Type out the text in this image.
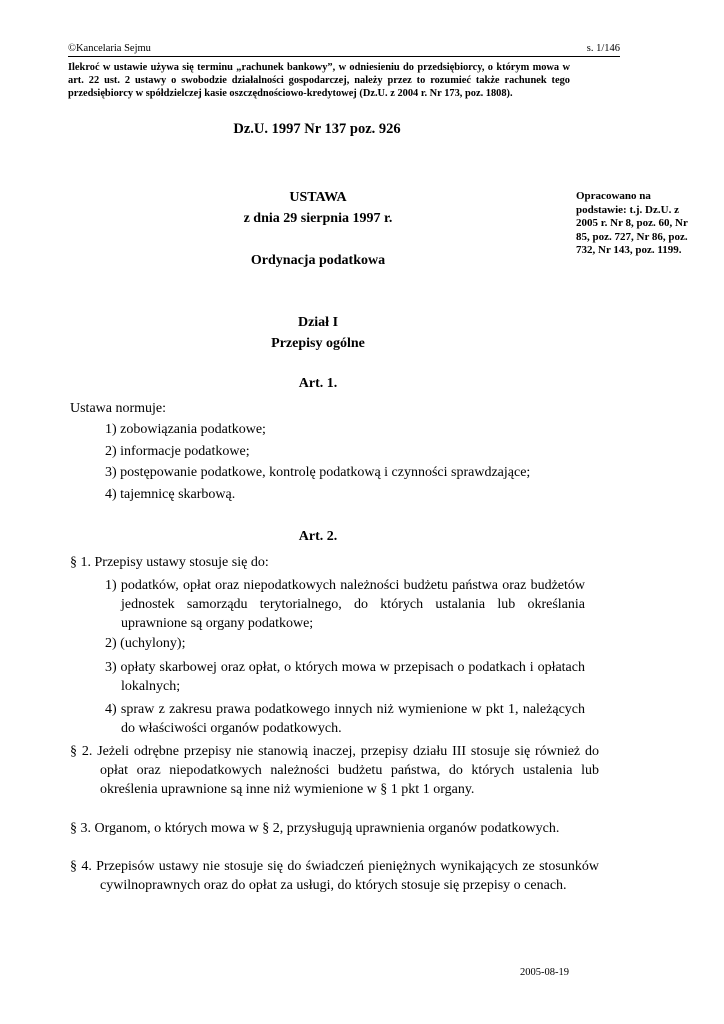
©Kancelaria Sejmu	s. 1/146

Ilekroć w ustawie używa się terminu „rachunek bankowy”, w odniesieniu do przedsiębiorcy, o którym mowa w art. 22 ust. 2 ustawy o swobodzie działalności gospodarczej, należy przez to rozumieć także rachunek tego przedsiębiorcy w spółdzielczej kasie oszczędnościowo-kredytowej (Dz.U. z 2004 r. Nr 173, poz. 1808).

Dz.U. 1997 Nr 137 poz. 926
USTAWA
z dnia 29 sierpnia 1997 r.
Ordynacja podatkowa

Opracowano na podstawie: t.j. Dz.U. z 2005 r. Nr 8, poz. 60, Nr 85, poz. 727, Nr 86, poz. 732, Nr 143, poz. 1199.

Dział I
Przepisy ogólne
Art. 1.
Ustawa normuje:
1) zobowiązania podatkowe;
2) informacje podatkowe;
3) postępowanie podatkowe, kontrolę podatkową i czynności sprawdzające;
4) tajemnicę skarbową.
Art. 2.
§ 1. Przepisy ustawy stosuje się do:

1) podatków, opłat oraz niepodatkowych należności budżetu państwa oraz budżetów jednostek samorządu terytorialnego, do których ustalania lub określania uprawnione są organy podatkowe;

2) (uchylony);

3) opłaty skarbowej oraz opłat, o których mowa w przepisach o podatkach i opłatach lokalnych;

4) spraw z zakresu prawa podatkowego innych niż wymienione w pkt 1, należących do właściwości organów podatkowych.

§ 2. Jeżeli odrębne przepisy nie stanowią inaczej, przepisy działu III stosuje się również do opłat oraz niepodatkowych należności budżetu państwa, do których ustalenia lub określenia uprawnione są inne niż wymienione w § 1 pkt 1 organy.

§ 3. Organom, o których mowa w § 2, przysługują uprawnienia organów podatkowych.

§ 4. Przepisów ustawy nie stosuje się do świadczeń pieniężnych wynikających ze stosunków cywilnoprawnych oraz do opłat za usługi, do których stosuje się przepisy o cenach.

2005-08-19
